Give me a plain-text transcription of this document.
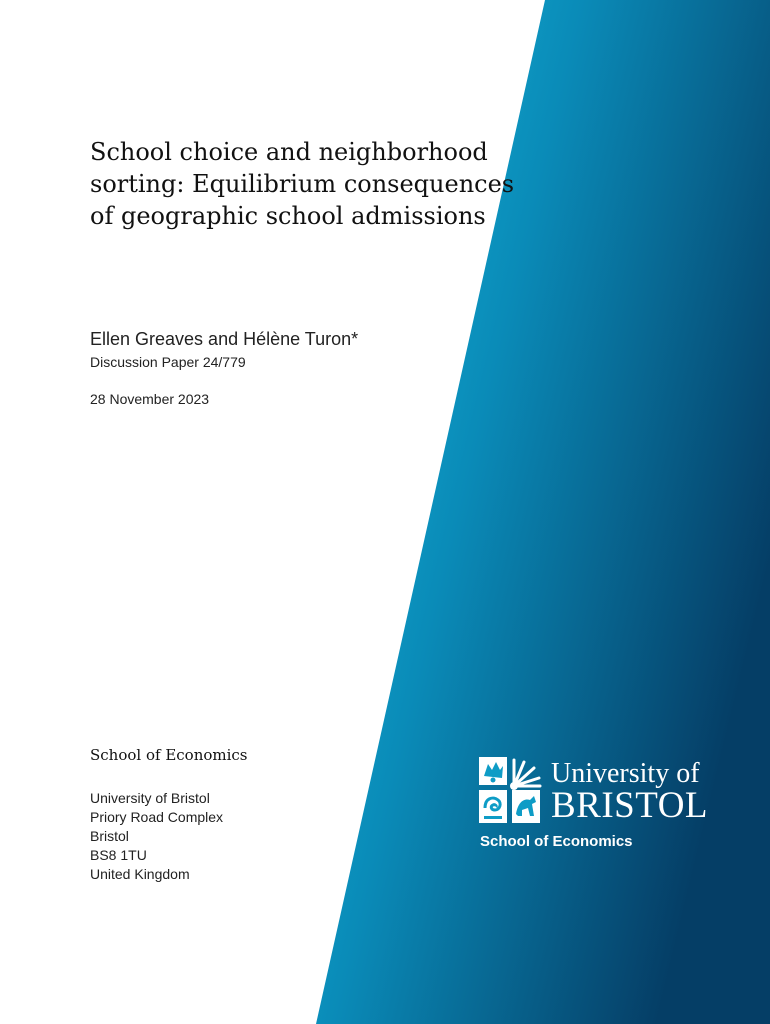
School choice and neighborhood
sorting: Equilibrium consequences
of geographic school admissions
Ellen Greaves and Hélène Turon*
Discussion Paper 24/779
28 November 2023
School of Economics
University of Bristol
Priory Road Complex
Bristol
BS8 1TU
United Kingdom
University of
BRISTOL
School of Economics
